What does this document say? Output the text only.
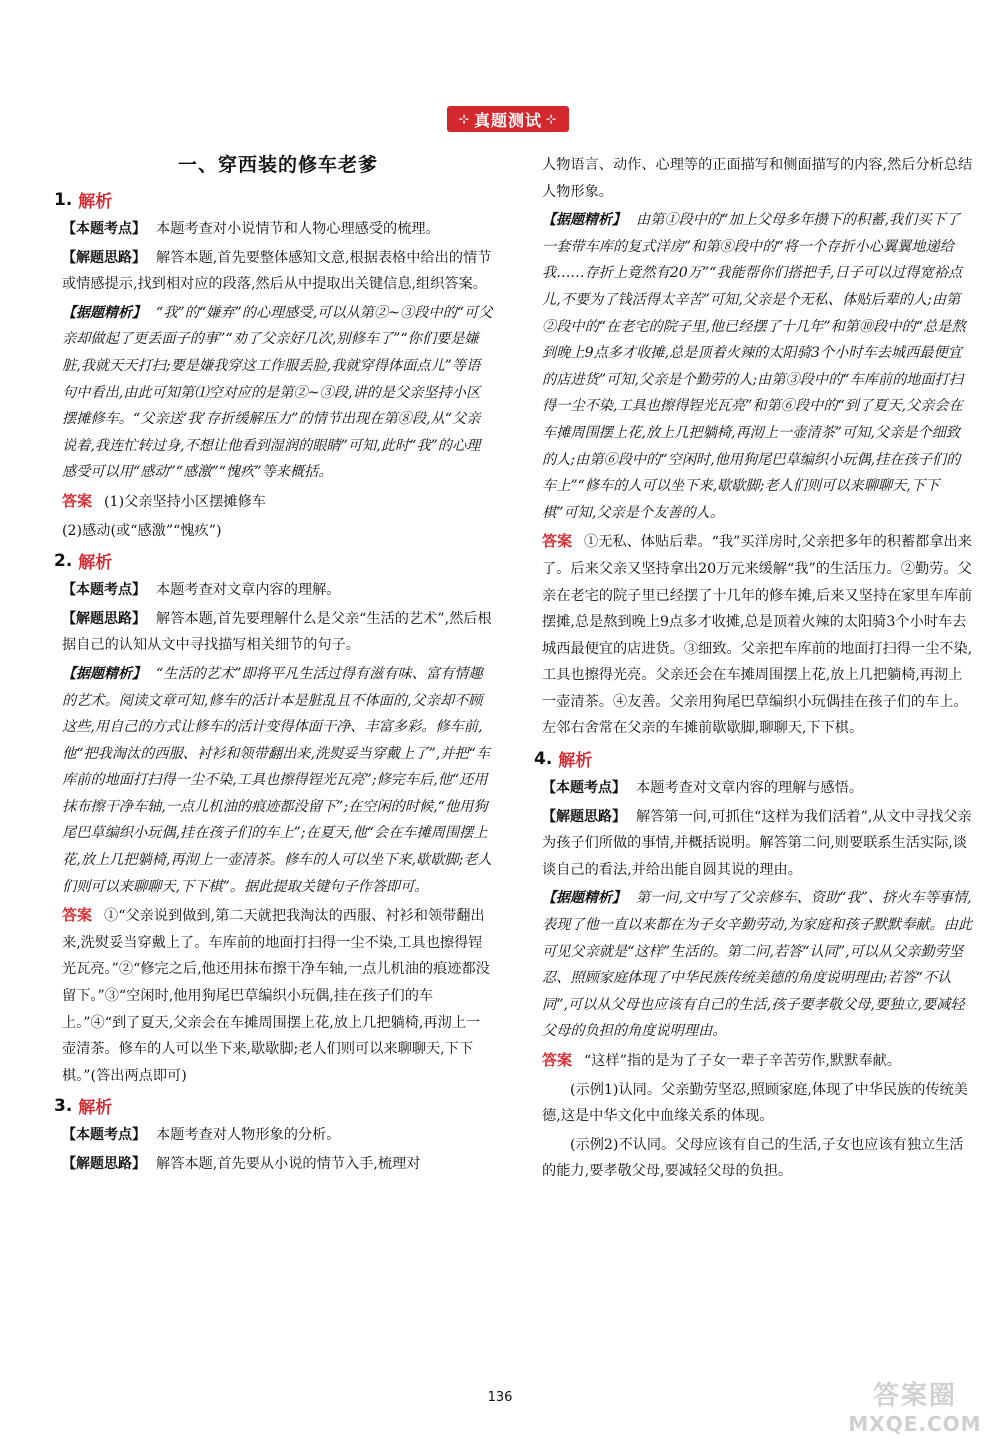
⊹ 真题测试 ⊹
一、穿西装的修车老爹
1. 解析

【本题考点】 本题考查对小说情节和人物心理感受的梳理。

【解题思路】 解答本题,首先要整体感知文意,根据表格中给出的情节或情感提示,找到相对应的段落,然后从中提取出关键信息,组织答案。

【据题精析】 “我”的“嫌弃”的心理感受,可以从第②~③段中的“可父亲却做起了更丢面子的事”“劝了父亲好几次,别修车了”“你们要是嫌脏,我就天天打扫;要是嫌我穿这工作服丢脸,我就穿得体面点儿”等语句中看出,由此可知第⑴空对应的是第②~③段,讲的是父亲坚持小区摆摊修车。“父亲送‘我’存折缓解压力”的情节出现在第⑧段,从“父亲说着,我连忙转过身,不想让他看到湿润的眼睛”可知,此时“我”的心理感受可以用“感动”“感激”“愧疚”等来概括。

答案 (1)父亲坚持小区摆摊修车

(2)感动(或“感激”“愧疚”)

2. 解析

【本题考点】 本题考查对文章内容的理解。

【解题思路】 解答本题,首先要理解什么是父亲“生活的艺术”,然后根据自己的认知从文中寻找描写相关细节的句子。

【据题精析】 “生活的艺术”即将平凡生活过得有滋有味、富有情趣的艺术。阅读文章可知,修车的活计本是脏乱且不体面的,父亲却不顾这些,用自己的方式让修车的活计变得体面干净、丰富多彩。修车前,他“把我淘汰的西服、衬衫和领带翻出来,洗熨妥当穿戴上了”,并把“车库前的地面打扫得一尘不染,工具也擦得锃光瓦亮”;修完车后,他“还用抹布擦干净车轴,一点儿机油的痕迹都没留下”;在空闲的时候,“他用狗尾巴草编织小玩偶,挂在孩子们的车上”;在夏天,他“会在车摊周围摆上花,放上几把躺椅,再沏上一壶清茶。修车的人可以坐下来,歇歇脚;老人们则可以来聊聊天,下下棋”。据此提取关键句子作答即可。

答案 ①“父亲说到做到,第二天就把我淘汰的西服、衬衫和领带翻出来,洗熨妥当穿戴上了。车库前的地面打扫得一尘不染,工具也擦得锃光瓦亮。”②“修完之后,他还用抹布擦干净车轴,一点儿机油的痕迹都没留下。”③“空闲时,他用狗尾巴草编织小玩偶,挂在孩子们的车上。”④“到了夏天,父亲会在车摊周围摆上花,放上几把躺椅,再沏上一壶清茶。修车的人可以坐下来,歇歇脚;老人们则可以来聊聊天,下下棋。”(答出两点即可)

3. 解析

【本题考点】 本题考查对人物形象的分析。

【解题思路】 解答本题,首先要从小说的情节入手,梳理对

人物语言、动作、心理等的正面描写和侧面描写的内容,然后分析总结人物形象。

【据题精析】 由第①段中的“加上父母多年攒下的积蓄,我们买下了一套带车库的复式洋房”和第⑧段中的“将一个存折小心翼翼地递给我……存折上竟然有20万”“我能帮你们搭把手,日子可以过得宽裕点儿,不要为了钱活得太辛苦”可知,父亲是个无私、体贴后辈的人;由第②段中的“在老宅的院子里,他已经摆了十几年”和第⑩段中的“总是熬到晚上9点多才收摊,总是顶着火辣的太阳骑3个小时车去城西最便宜的店进货”可知,父亲是个勤劳的人;由第③段中的“车库前的地面打扫得一尘不染,工具也擦得锃光瓦亮”和第⑥段中的“到了夏天,父亲会在车摊周围摆上花,放上几把躺椅,再沏上一壶清茶”可知,父亲是个细致的人;由第⑥段中的“空闲时,他用狗尾巴草编织小玩偶,挂在孩子们的车上”“修车的人可以坐下来,歇歇脚;老人们则可以来聊聊天,下下棋”可知,父亲是个友善的人。

答案 ①无私、体贴后辈。“我”买洋房时,父亲把多年的积蓄都拿出来了。后来父亲又坚持拿出20万元来缓解“我”的生活压力。②勤劳。父亲在老宅的院子里已经摆了十几年的修车摊,后来又坚持在家里车库前摆摊,总是熬到晚上9点多才收摊,总是顶着火辣的太阳骑3个小时车去城西最便宜的店进货。③细致。父亲把车库前的地面打扫得一尘不染,工具也擦得光亮。父亲还会在车摊周围摆上花,放上几把躺椅,再沏上一壶清茶。④友善。父亲用狗尾巴草编织小玩偶挂在孩子们的车上。左邻右舍常在父亲的车摊前歇歇脚,聊聊天,下下棋。

4. 解析

【本题考点】 本题考查对文章内容的理解与感悟。

【解题思路】 解答第一问,可抓住“这样为我们活着”,从文中寻找父亲为孩子们所做的事情,并概括说明。解答第二问,则要联系生活实际,谈谈自己的看法,并给出能自圆其说的理由。

【据题精析】 第一问,文中写了父亲修车、资助“我”、挤火车等事情,表现了他一直以来都在为子女辛勤劳动,为家庭和孩子默默奉献。由此可见父亲就是“这样”生活的。第二问,若答“认同”,可以从父亲勤劳坚忍、照顾家庭体现了中华民族传统美德的角度说明理由;若答“不认同”,可以从父母也应该有自己的生活,孩子要孝敬父母,要独立,要减轻父母的负担的角度说明理由。

答案 “这样”指的是为了子女一辈子辛苦劳作,默默奉献。

(示例1)认同。父亲勤劳坚忍,照顾家庭,体现了中华民族的传统美德,这是中华文化中血缘关系的体现。

(示例2)不认同。父母应该有自己的生活,子女也应该有独立生活的能力,要孝敬父母,要减轻父母的负担。

136	答案圈
MXQE.COM
